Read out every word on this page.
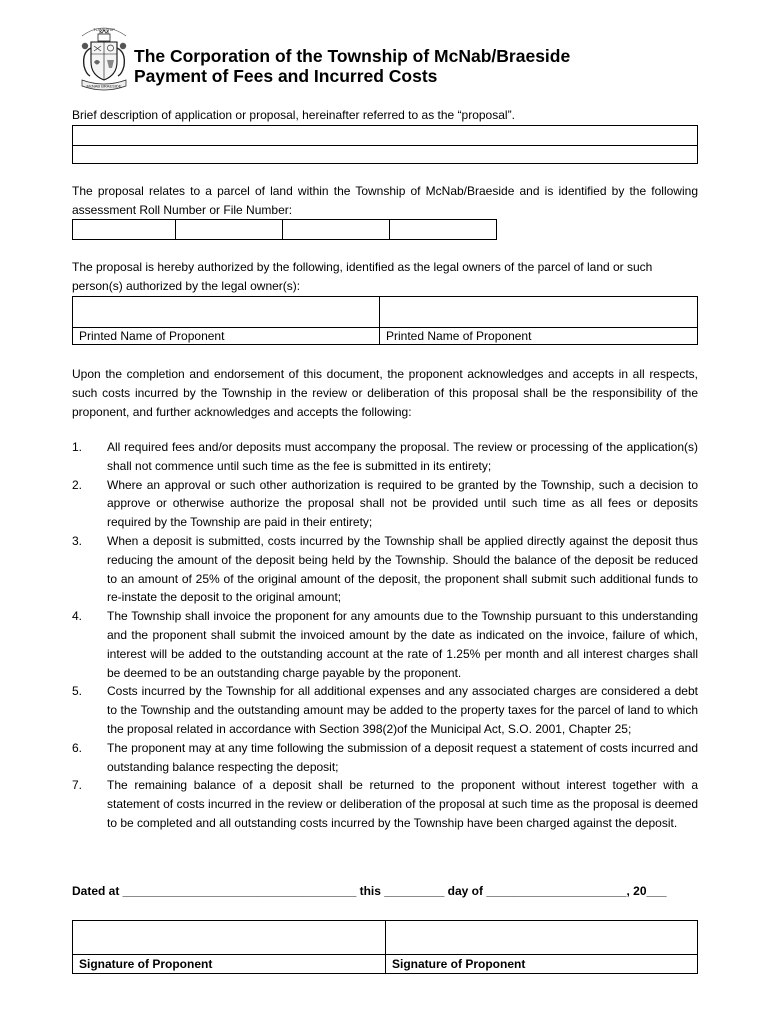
TOWNSHIP
McNAB BRAESIDE
The Corporation of the Township of McNab/Braeside
Payment of Fees and Incurred Costs
Brief description of application or proposal, hereinafter referred to as the “proposal”.
The proposal relates to a parcel of land within the Township of McNab/Braeside and is identified by the following assessment Roll Number or File Number:
The proposal is hereby authorized by the following, identified as the legal owners of the parcel of land or such person(s) authorized by the legal owner(s):
Printed Name of Proponent	Printed Name of Proponent
Upon the completion and endorsement of this document, the proponent acknowledges and accepts in all respects, such costs incurred by the Township in the review or deliberation of this proposal shall be the responsibility of the proponent, and further acknowledges and accepts the following:
1. All required fees and/or deposits must accompany the proposal. The review or processing of the application(s) shall not commence until such time as the fee is submitted in its entirety;
2. Where an approval or such other authorization is required to be granted by the Township, such a decision to approve or otherwise authorize the proposal shall not be provided until such time as all fees or deposits required by the Township are paid in their entirety;
3. When a deposit is submitted, costs incurred by the Township shall be applied directly against the deposit thus reducing the amount of the deposit being held by the Township. Should the balance of the deposit be reduced to an amount of 25% of the original amount of the deposit, the proponent shall submit such additional funds to re-instate the deposit to the original amount;
4. The Township shall invoice the proponent for any amounts due to the Township pursuant to this understanding and the proponent shall submit the invoiced amount by the date as indicated on the invoice, failure of which, interest will be added to the outstanding account at the rate of 1.25% per month and all interest charges shall be deemed to be an outstanding charge payable by the proponent.
5. Costs incurred by the Township for all additional expenses and any associated charges are considered a debt to the Township and the outstanding amount may be added to the property taxes for the parcel of land to which the proposal related in accordance with Section 398(2)of the Municipal Act, S.O. 2001, Chapter 25;
6. The proponent may at any time following the submission of a deposit request a statement of costs incurred and outstanding balance respecting the deposit;
7. The remaining balance of a deposit shall be returned to the proponent without interest together with a statement of costs incurred in the review or deliberation of the proposal at such time as the proposal is deemed to be completed and all outstanding costs incurred by the Township have been charged against the deposit.
Dated at ___________________________________ this _________ day of _____________________, 20___
Signature of Proponent	Signature of Proponent
